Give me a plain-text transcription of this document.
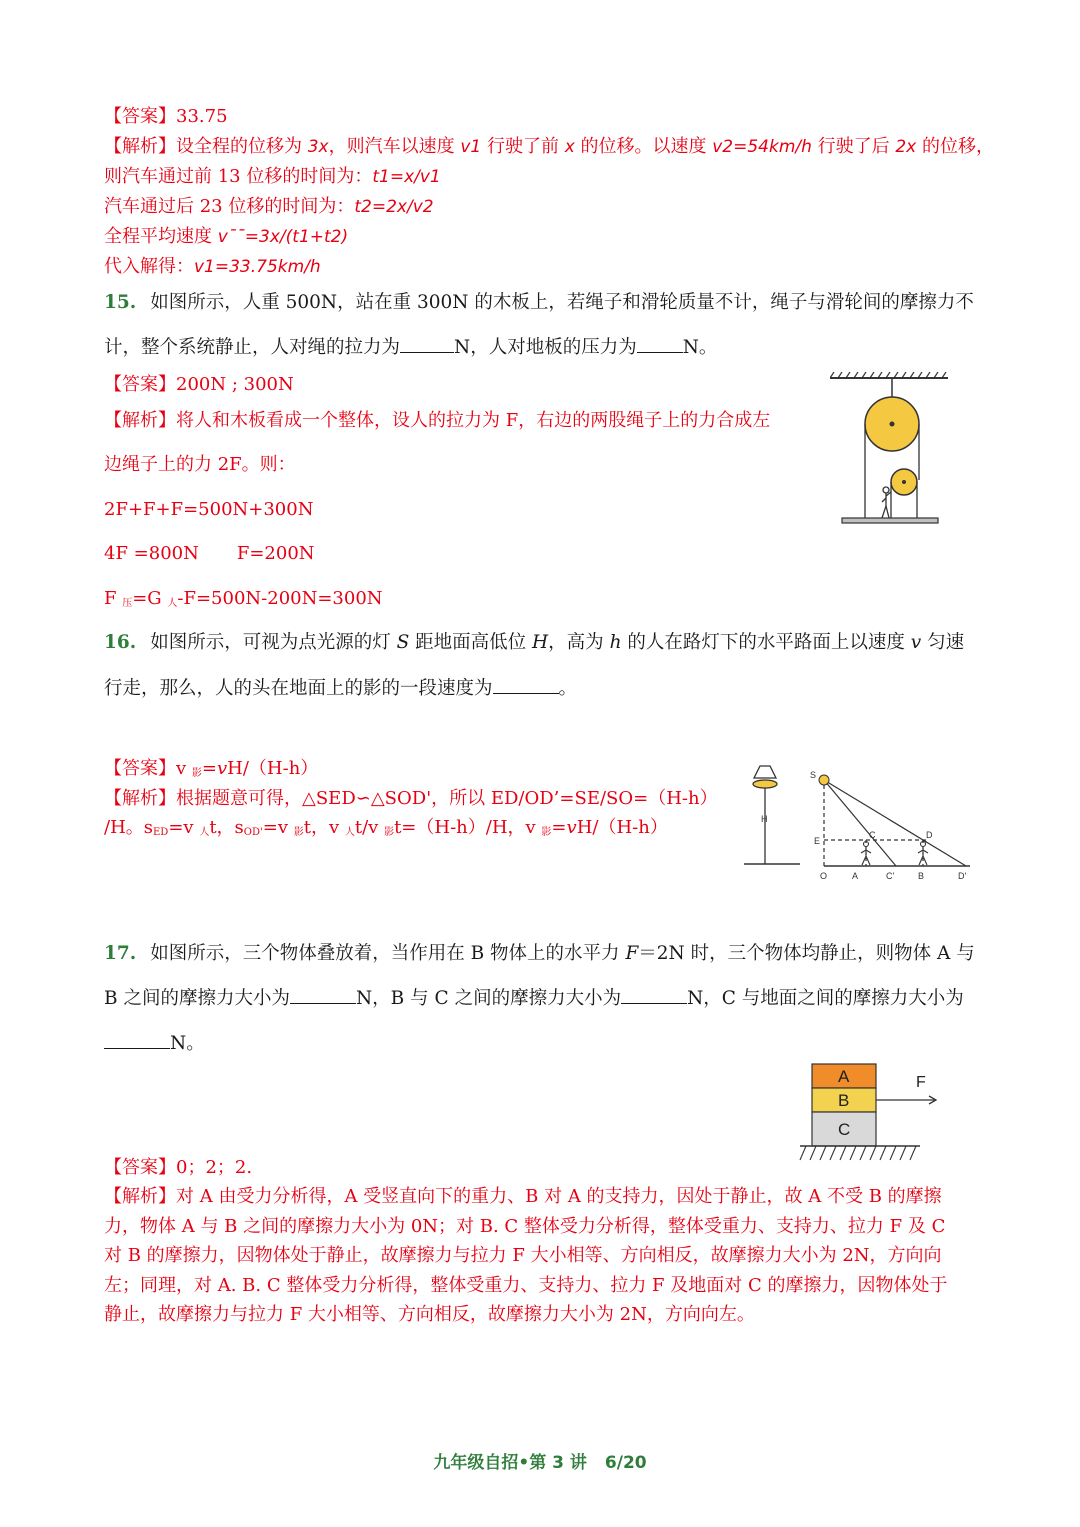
【答案】33.75
【解析】设全程的位移为 3x，则汽车以速度 v1 行驶了前 x 的位移。以速度 v2=54km/h 行驶了后 2x 的位移，
则汽车通过前 13 位移的时间为：t1=x/v1
汽车通过后 23 位移的时间为：t2=2x/v2
全程平均速度 v¯¯=3x/(t1+t2)
代入解得：v1=33.75km/h
15. 如图所示，人重 500N，站在重 300N 的木板上，若绳子和滑轮质量不计，绳子与滑轮间的摩擦力不
计，整个系统静止，人对绳的拉力为	N，人对地板的压力为 N。
【答案】200N ; 300N
【解析】将人和木板看成一个整体，设人的拉力为 F，右边的两股绳子上的力合成左
边绳子上的力 2F。则：
2F+F+F=500N+300N
4F =800N F=200N
F $_压$=G $_人$-F=500N-200N=300N
16. 如图所示，可视为点光源的灯 S 距地面高低位 H，高为 h 的人在路灯下的水平路面上以速度 v 匀速
行走，那么，人的头在地面上的影的一段速度为	。
【答案】v $_影$=vH/（H-h）
【解析】根据题意可得，△SED∽△SOD'，所以 ED/OD’=SE/SO=（H-h）
/H。$s_{ED}=v$ $_人$t，$s_{OD'}=v$ $_影$t，v $_人$t/v $_影$t=（H-h）/H，v $_影$=vH/（H-h）	H
S
E
C	D
O	A	C'	B	D'
17. 如图所示，三个物体叠放着，当作用在 B 物体上的水平力 F＝2N 时，三个物体均静止，则物体 A 与
B 之间的摩擦力大小为	N，B 与 C 之间的摩擦力大小为	N，C 与地面之间的摩擦力大小为
N。
A
B
C
F
【答案】0；2；2.
【解析】对 A 由受力分析得，A 受竖直向下的重力、B 对 A 的支持力，因处于静止，故 A 不受 B 的摩擦
力，物体 A 与 B 之间的摩擦力大小为 0N；对 B. C 整体受力分析得，整体受重力、支持力、拉力 F 及 C
对 B 的摩擦力，因物体处于静止，故摩擦力与拉力 F 大小相等、方向相反，故摩擦力大小为 2N，方向向
左；同理，对 A. B. C 整体受力分析得，整体受重力、支持力、拉力 F 及地面对 C 的摩擦力，因物体处于
静止，故摩擦力与拉力 F 大小相等、方向相反，故摩擦力大小为 2N，方向向左。
九年级自招•第 3 讲 6/20
